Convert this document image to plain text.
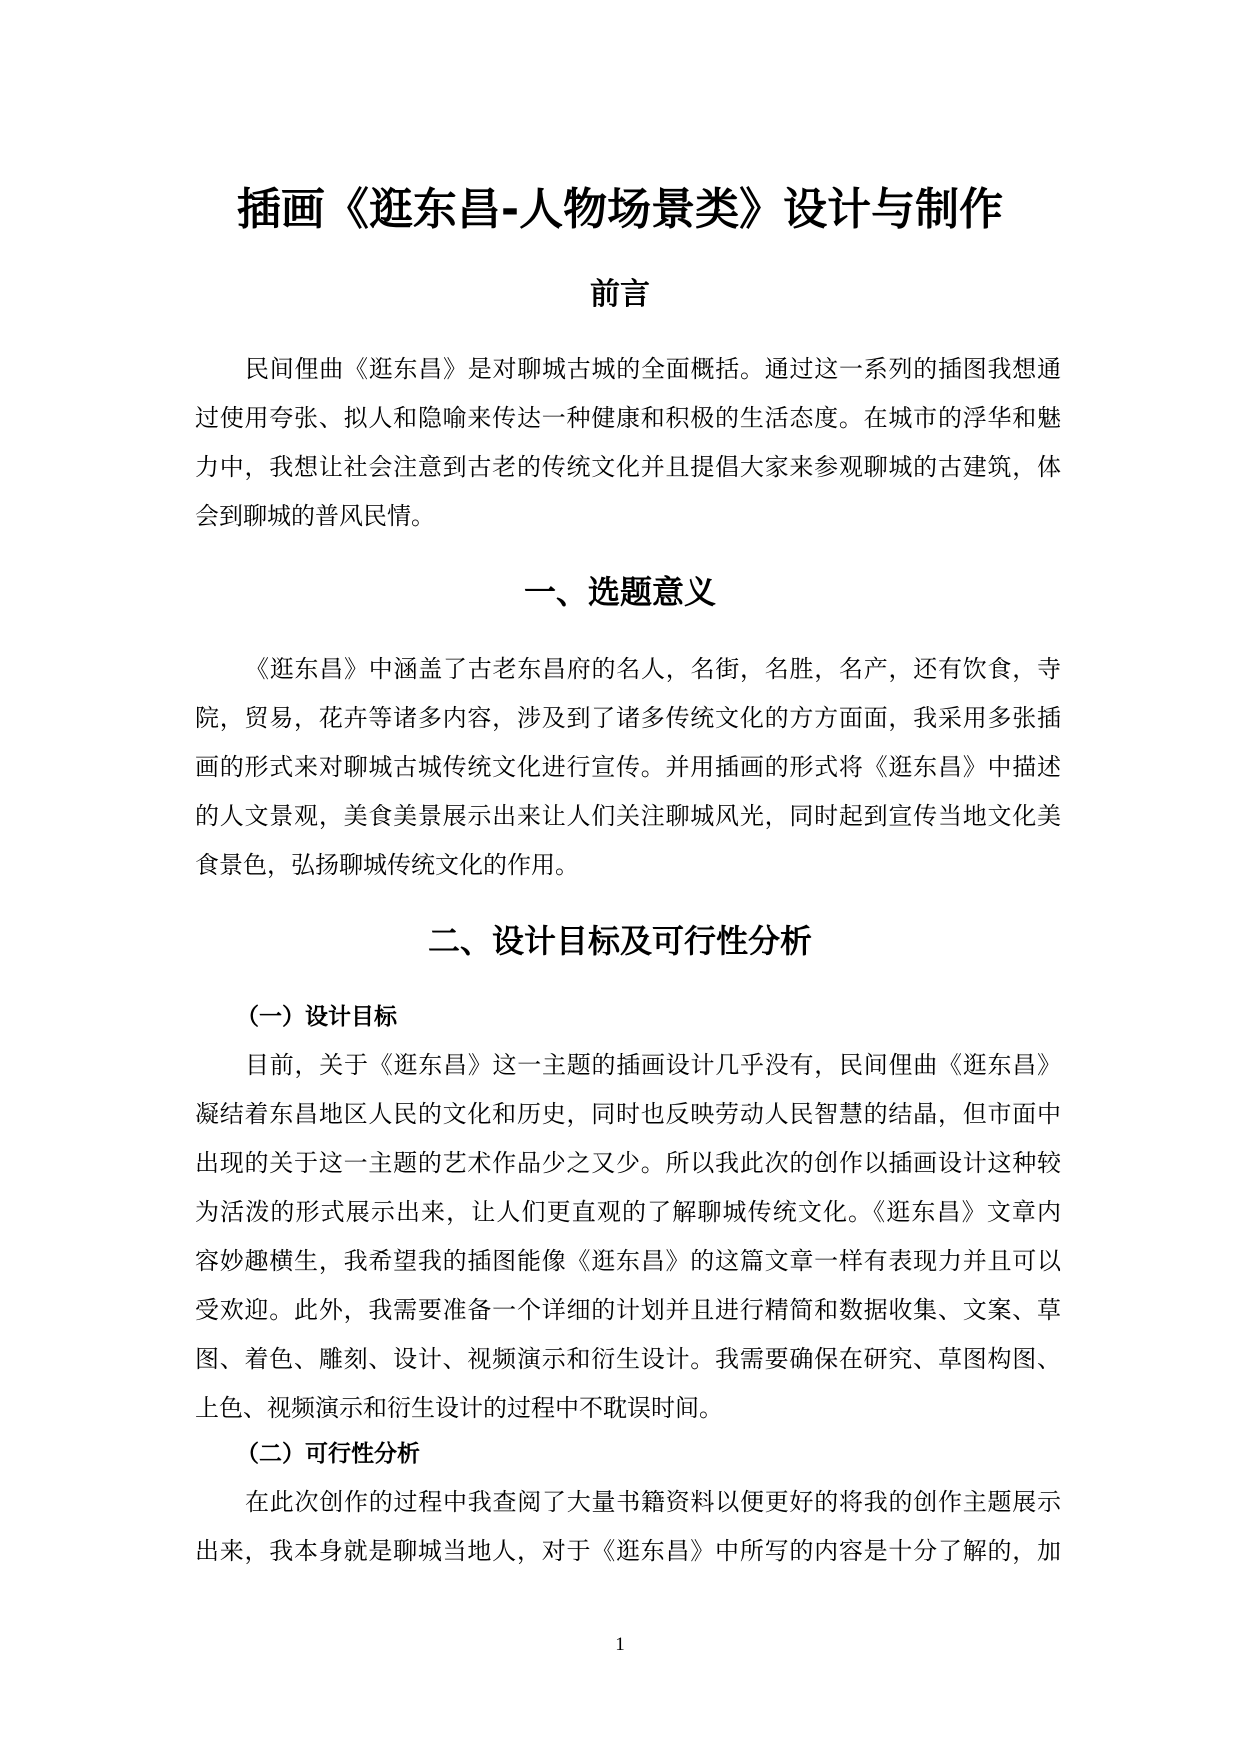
插画《逛东昌-人物场景类》设计与制作
前言
一、选题意义
二、设计目标及可行性分析
（一）设计目标
（二）可行性分析
1
民间俚曲《逛东昌》是对聊城古城的全面概括。通过这一系列的插图我想通
过使用夸张、拟人和隐喻来传达一种健康和积极的生活态度。在城市的浮华和魅
力中，我想让社会注意到古老的传统文化并且提倡大家来参观聊城的古建筑，体
会到聊城的普风民情。
《逛东昌》中涵盖了古老东昌府的名人，名街，名胜，名产，还有饮食，寺
院，贸易，花卉等诸多内容，涉及到了诸多传统文化的方方面面，我采用多张插
画的形式来对聊城古城传统文化进行宣传。并用插画的形式将《逛东昌》中描述
的人文景观，美食美景展示出来让人们关注聊城风光，同时起到宣传当地文化美
食景色，弘扬聊城传统文化的作用。
目前，关于《逛东昌》这一主题的插画设计几乎没有，民间俚曲《逛东昌》
凝结着东昌地区人民的文化和历史，同时也反映劳动人民智慧的结晶，但市面中
出现的关于这一主题的艺术作品少之又少。所以我此次的创作以插画设计这种较
为活泼的形式展示出来，让人们更直观的了解聊城传统文化。《逛东昌》文章内
容妙趣横生，我希望我的插图能像《逛东昌》的这篇文章一样有表现力并且可以
受欢迎。此外，我需要准备一个详细的计划并且进行精简和数据收集、文案、草
图、着色、雕刻、设计、视频演示和衍生设计。我需要确保在研究、草图构图、
上色、视频演示和衍生设计的过程中不耽误时间。
在此次创作的过程中我查阅了大量书籍资料以便更好的将我的创作主题展示
出来，我本身就是聊城当地人，对于《逛东昌》中所写的内容是十分了解的，加
